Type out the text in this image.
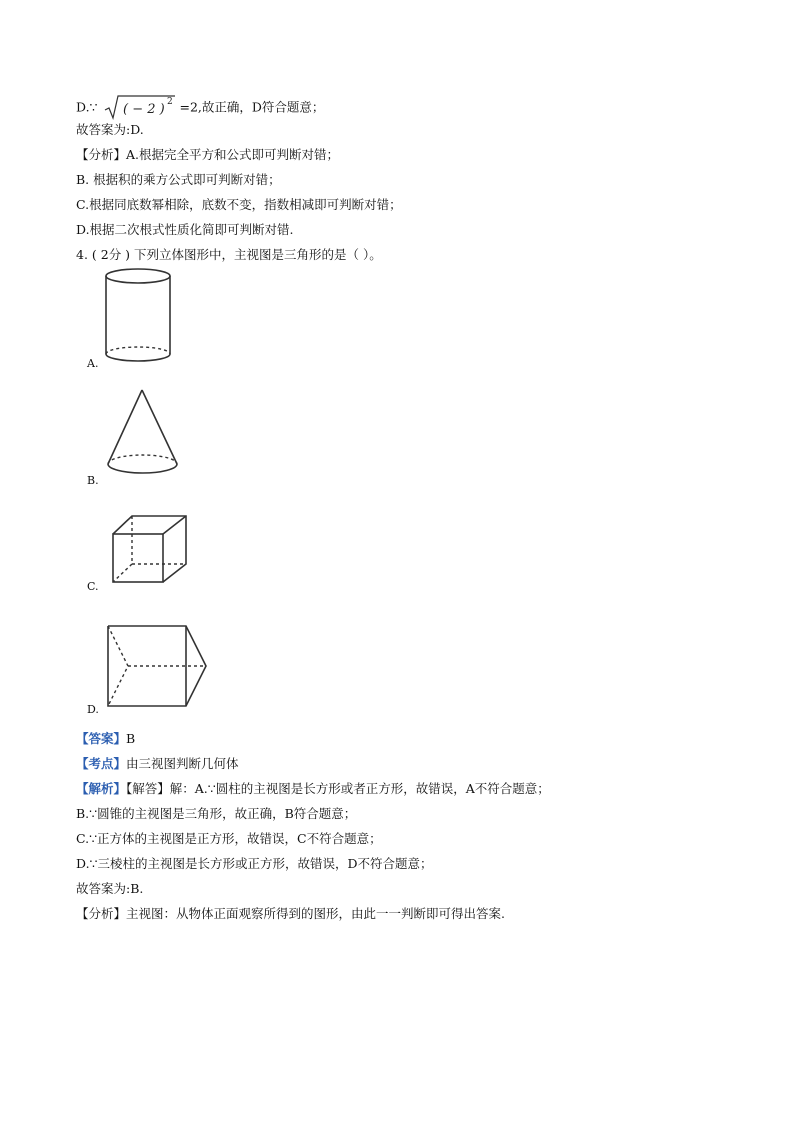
D.∵ ( − 2 ) 2 =2,故正确，D符合题意；
故答案为:D.
【分析】A.根据完全平方和公式即可判断对错；
B. 根据积的乘方公式即可判断对错；
C.根据同底数幂相除，底数不变，指数相减即可判断对错；
D.根据二次根式性质化简即可判断对错.
4. ( 2分 ) 下列立体图形中，主视图是三角形的是（ ）。
A.
B.
C.
D.
【答案】B
【考点】由三视图判断几何体
【解析】【解答】解：A.∵圆柱的主视图是长方形或者正方形，故错误，A不符合题意；
B.∵圆锥的主视图是三角形，故正确，B符合题意；
C.∵正方体的主视图是正方形，故错误，C不符合题意；
D.∵三棱柱的主视图是长方形或正方形，故错误，D不符合题意；
故答案为:B.
【分析】主视图：从物体正面观察所得到的图形，由此一一判断即可得出答案.
